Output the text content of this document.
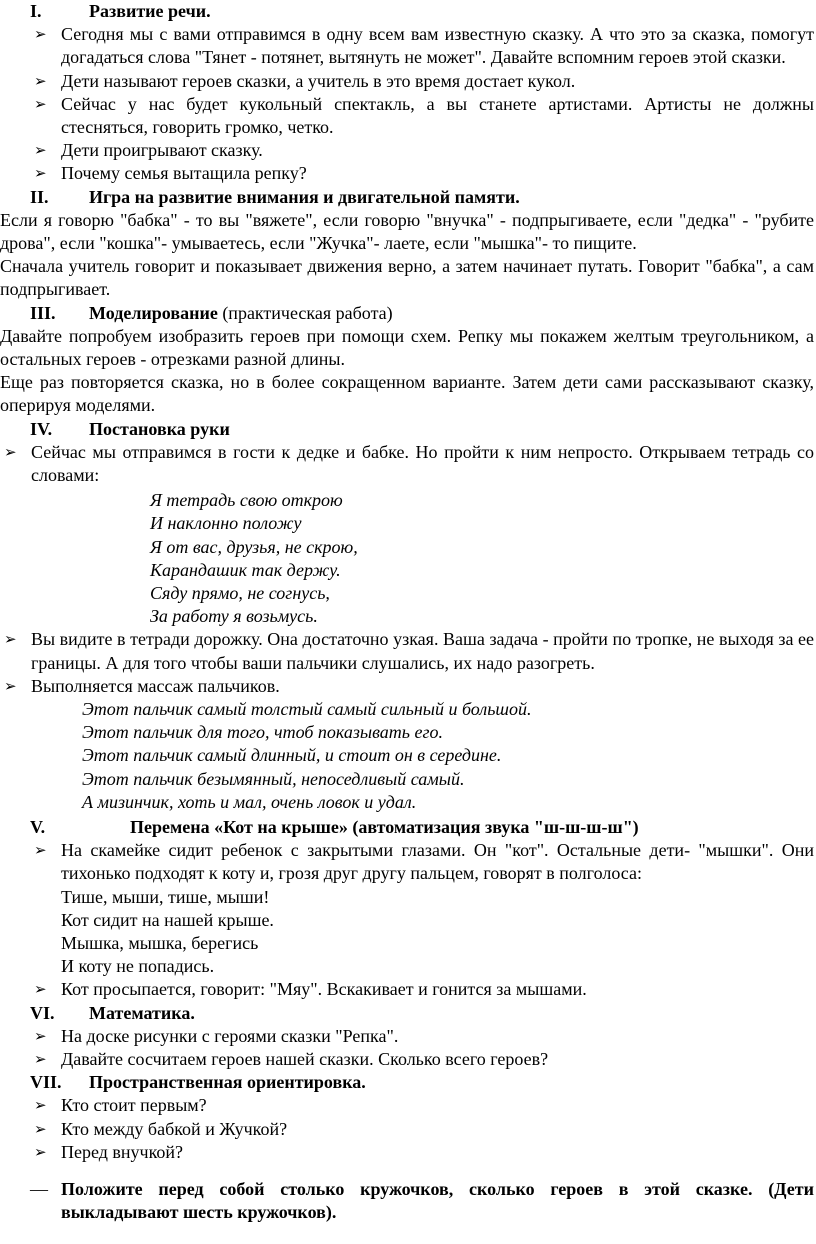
I.	Развитие речи.
➢ Сегодня мы с вами отправимся в одну всем вам известную сказку. А что это за сказка, помогут догадаться слова "Тянет - потянет, вытянуть не может". Давайте вспомним героев этой сказки.
➢ Дети называют героев сказки, а учитель в это время достает кукол.
➢ Сейчас у нас будет кукольный спектакль, а вы станете артистами. Артисты не должны стесняться, говорить громко, четко.
➢ Дети проигрывают сказку.
➢ Почему семья вытащила репку?
II. Игра на развитие внимания и двигательной памяти.
Если я говорю "бабка" - то вы "вяжете", если говорю "внучка" - подпрыгиваете, если "дедка" - "рубите дрова", если "кошка"- умываетесь, если "Жучка"- лаете, если "мышка"- то пищите.
Сначала учитель говорит и показывает движения верно, а затем начинает путать. Говорит "бабка", а сам подпрыгивает.
III. Моделирование (практическая работа)
Давайте попробуем изобразить героев при помощи схем. Репку мы покажем желтым треугольником, а остальных героев - отрезками разной длины.
Еще раз повторяется сказка, но в более сокращенном варианте. Затем дети сами рассказывают сказку, оперируя моделями.
IV. Постановка руки
➢ Сейчас мы отправимся в гости к дедке и бабке. Но пройти к ним непросто. Открываем тетрадь со словами:
Я тетрадь свою открою
И наклонно положу
Я от вас, друзья, не скрою,
Карандашик так держу.
Сяду прямо, не согнусь,
За работу я возьмусь.
➢ Вы видите в тетради дорожку. Она достаточно узкая. Ваша задача - пройти по тропке, не выходя за ее границы. А для того чтобы ваши пальчики слушались, их надо разогреть.
➢ Выполняется массаж пальчиков.
Этот пальчик самый толстый самый сильный и большой.
Этот пальчик для того, чтоб показывать его.
Этот пальчик самый длинный, и стоит он в середине.
Этот пальчик безымянный, непоседливый самый.
А мизинчик, хоть и мал, очень ловок и удал.
V.	Перемена «Кот на крыше» (автоматизация звука "ш-ш-ш-ш")
➢ На скамейке сидит ребенок с закрытыми глазами. Он "кот". Остальные дети- "мышки". Они тихонько подходят к коту и, грозя друг другу пальцем, говорят в полголоса:
Тише, мыши, тише, мыши!
Кот сидит на нашей крыше.
Мышка, мышка, берегись
И коту не попадись.
➢ Кот просыпается, говорит: "Мяу". Вскакивает и гонится за мышами.
VI. Математика.
➢ На доске рисунки с героями сказки "Репка".
➢ Давайте сосчитаем героев нашей сказки. Сколько всего героев?
VII. Пространственная ориентировка.
➢ Кто стоит первым?
➢ Кто между бабкой и Жучкой?
➢ Перед внучкой?
— Положите перед собой столько кружочков, сколько героев в этой сказке. (Дети выкладывают шесть кружочков).
